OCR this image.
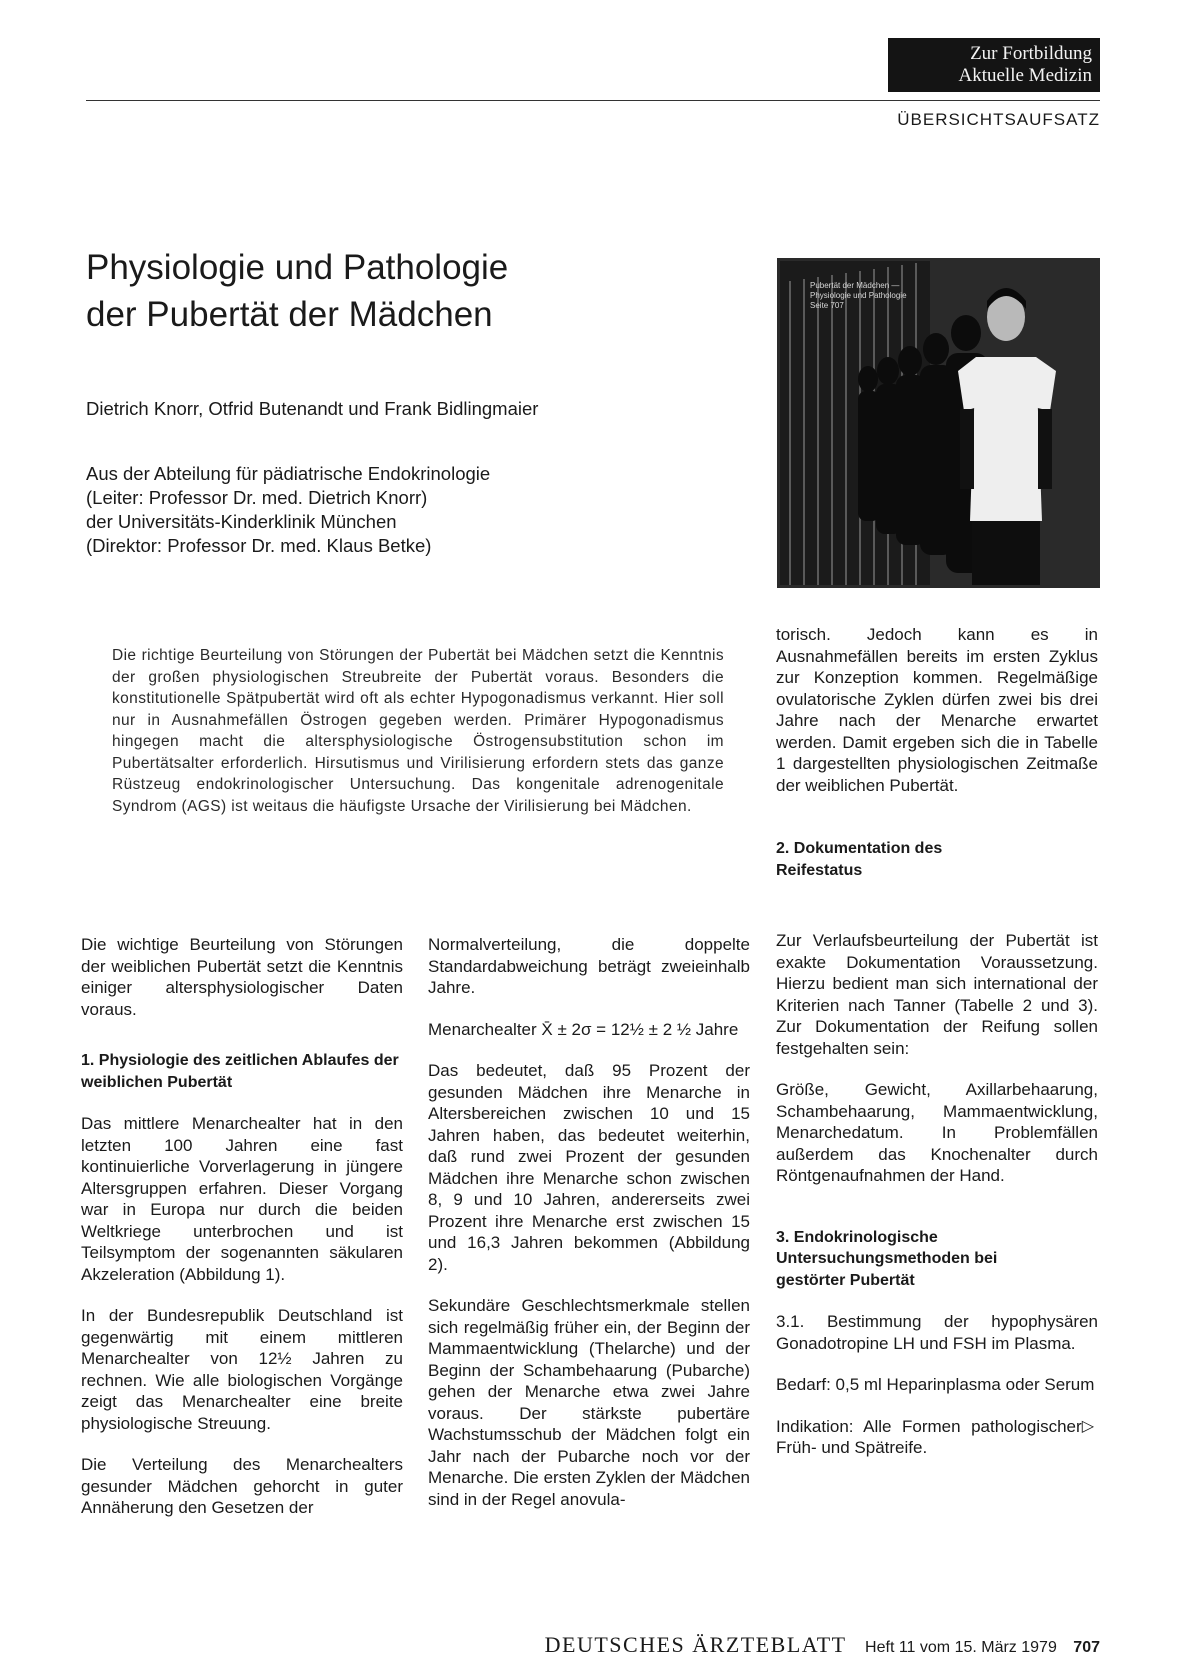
Zur Fortbildung
Aktuelle Medizin
ÜBERSICHTSAUFSATZ
Physiologie und Pathologie
der Pubertät der Mädchen
Dietrich Knorr, Otfrid Butenandt und Frank Bidlingmaier
Aus der Abteilung für pädiatrische Endokrinologie
(Leiter: Professor Dr. med. Dietrich Knorr)
der Universitäts-Kinderklinik München
(Direktor: Professor Dr. med. Klaus Betke)
Pubertät der Mädchen —
Physiologie und Pathologie
Seite 707
Die richtige Beurteilung von Störungen der Pubertät bei Mädchen setzt die Kenntnis der großen physiologischen Streubreite der Pubertät voraus. Besonders die konstitutionelle Spätpubertät wird oft als echter Hypogonadismus verkannt. Hier soll nur in Ausnahmefällen Östrogen gegeben werden. Primärer Hypogonadismus hingegen macht die altersphysiologische Östrogensubstitution schon im Pubertätsalter erforderlich. Hirsutismus und Virilisierung erfordern stets das ganze Rüstzeug endokrinologischer Untersuchung. Das kongenitale adrenogenitale Syndrom (AGS) ist weitaus die häufigste Ursache der Virilisierung bei Mädchen.

Die wichtige Beurteilung von Störungen der weiblichen Pubertät setzt die Kenntnis einiger altersphysiologischer Daten voraus.

1. Physiologie des zeitlichen Ablaufes der weiblichen Pubertät

Das mittlere Menarchealter hat in den letzten 100 Jahren eine fast kontinuierliche Vorverlagerung in jüngere Altersgruppen erfahren. Dieser Vorgang war in Europa nur durch die beiden Weltkriege unterbrochen und ist Teilsymptom der sogenannten säkularen Akzeleration (Abbildung 1).

In der Bundesrepublik Deutschland ist gegenwärtig mit einem mittleren Menarchealter von 12½ Jahren zu rechnen. Wie alle biologischen Vorgänge zeigt das Menarchealter eine breite physiologische Streuung.

Die Verteilung des Menarchealters gesunder Mädchen gehorcht in guter Annäherung den Gesetzen der

Normalverteilung, die doppelte Standardabweichung beträgt zweieinhalb Jahre.

Menarchealter X̄ ± 2σ = 12½ ± 2 ½ Jahre

Das bedeutet, daß 95 Prozent der gesunden Mädchen ihre Menarche in Altersbereichen zwischen 10 und 15 Jahren haben, das bedeutet weiterhin, daß rund zwei Prozent der gesunden Mädchen ihre Menarche schon zwischen 8, 9 und 10 Jahren, andererseits zwei Prozent ihre Menarche erst zwischen 15 und 16,3 Jahren bekommen (Abbildung 2).

Sekundäre Geschlechtsmerkmale stellen sich regelmäßig früher ein, der Beginn der Mammaentwicklung (Thelarche) und der Beginn der Schambehaarung (Pubarche) gehen der Menarche etwa zwei Jahre voraus. Der stärkste pubertäre Wachstumsschub der Mädchen folgt ein Jahr nach der Pubarche noch vor der Menarche. Die ersten Zyklen der Mädchen sind in der Regel anovula-

torisch. Jedoch kann es in Ausnahmefällen bereits im ersten Zyklus zur Konzeption kommen. Regelmäßige ovulatorische Zyklen dürfen zwei bis drei Jahre nach der Menarche erwartet werden. Damit ergeben sich die in Tabelle 1 dargestellten physiologischen Zeitmaße der weiblichen Pubertät.

2. Dokumentation des Reifestatus

Zur Verlaufsbeurteilung der Pubertät ist exakte Dokumentation Voraussetzung. Hierzu bedient man sich international der Kriterien nach Tanner (Tabelle 2 und 3). Zur Dokumentation der Reifung sollen festgehalten sein:

Größe, Gewicht, Axillarbehaarung, Schambehaarung, Mammaentwicklung, Menarchedatum. In Problemfällen außerdem das Knochenalter durch Röntgenaufnahmen der Hand.

3. Endokrinologische Untersuchungsmethoden bei gestörter Pubertät

3.1. Bestimmung der hypophysären Gonadotropine LH und FSH im Plasma.

Bedarf: 0,5 ml Heparinplasma oder Serum

▷
Indikation: Alle Formen pathologischer Früh- und Spätreife.

DEUTSCHES ÄRZTEBLATT Heft 11 vom 15. März 1979 707
